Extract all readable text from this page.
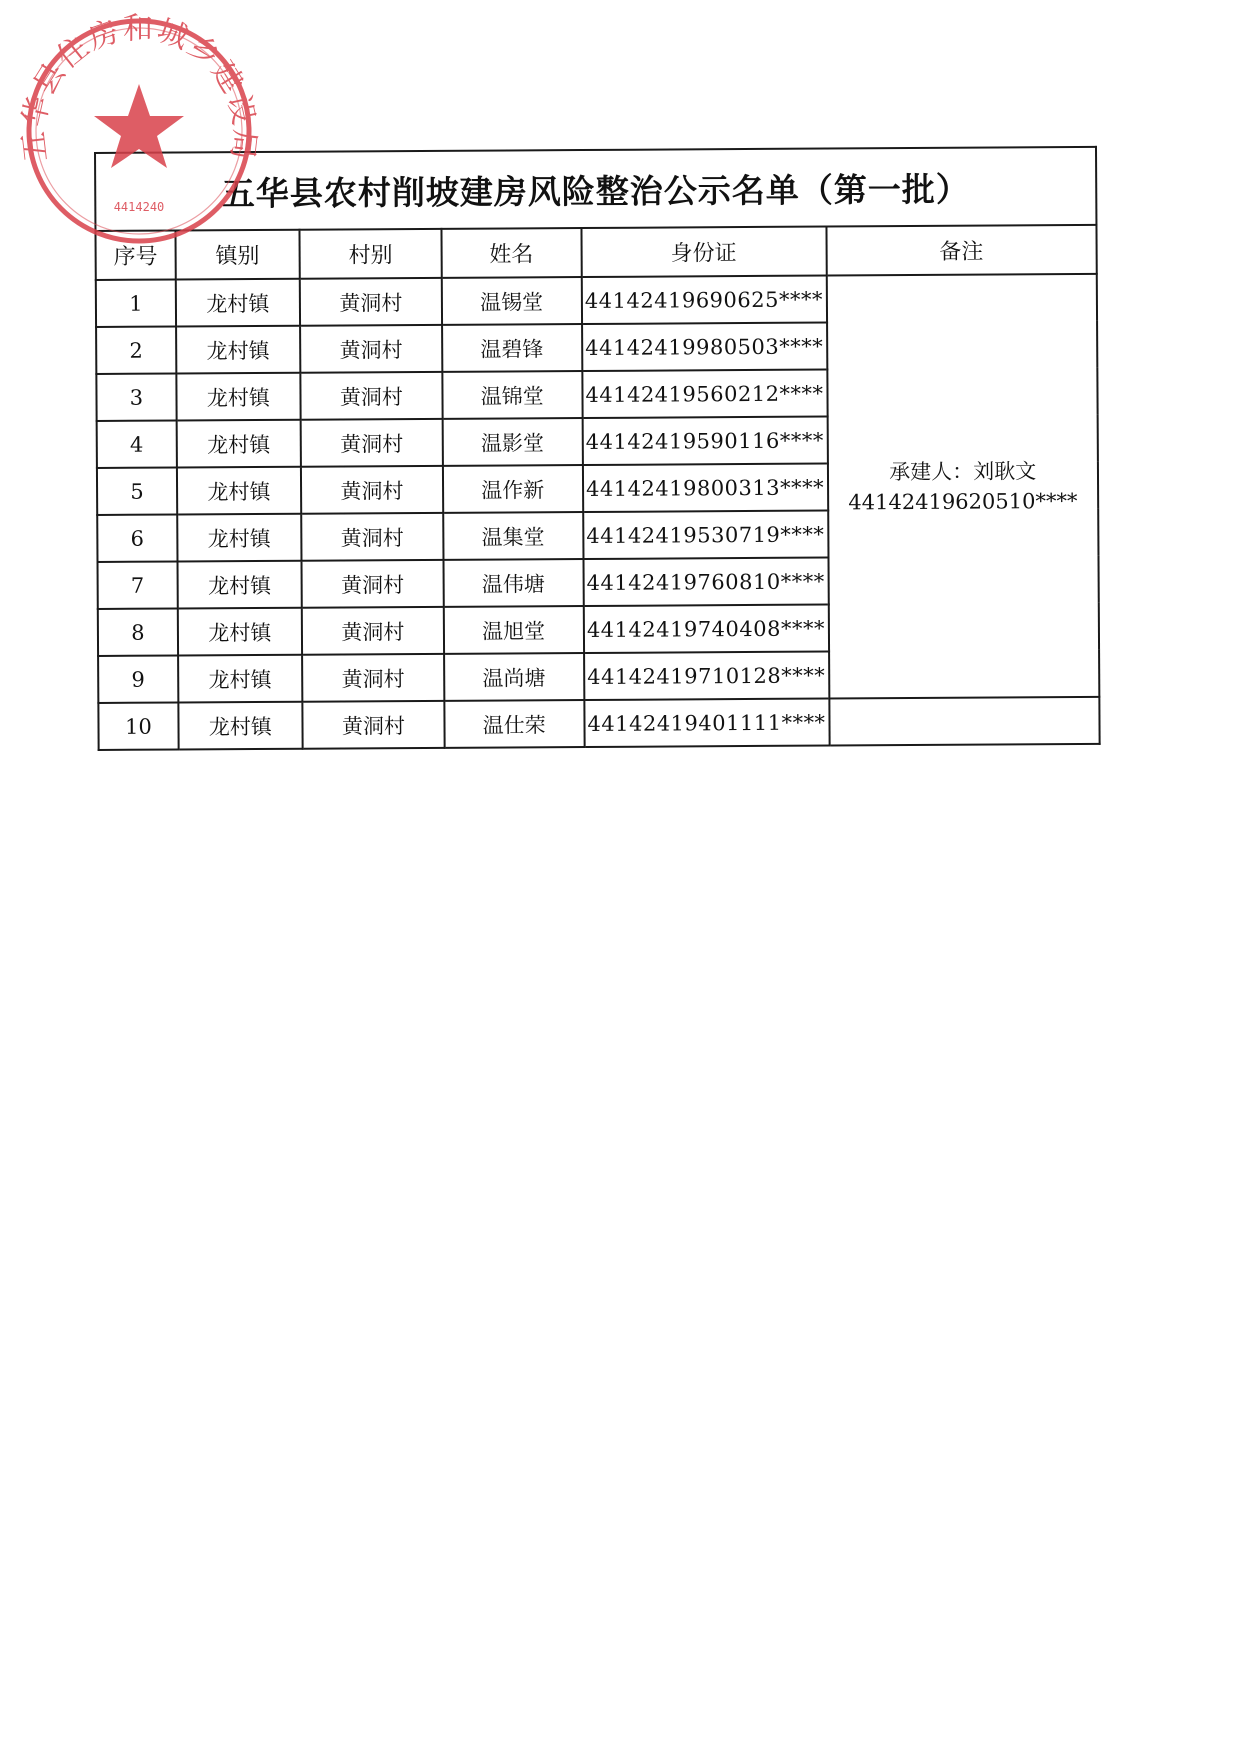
五华县农村削坡建房风险整治公示名单（第一批）					
序号	镇别	村别	姓名	身份证	备注
1	龙村镇	黄洞村	温锡堂	44142419690625****	承建人：刘耿文
44142419620510****

2	龙村镇	黄洞村	温碧锋	44142419980503****	
3	龙村镇	黄洞村	温锦堂	44142419560212****	
4	龙村镇	黄洞村	温影堂	44142419590116****	
5	龙村镇	黄洞村	温作新	44142419800313****	
6	龙村镇	黄洞村	温集堂	44142419530719****	
7	龙村镇	黄洞村	温伟塘	44142419760810****	
8	龙村镇	黄洞村	温旭堂	44142419740408****	
9	龙村镇	黄洞村	温尚塘	44142419710128****	
10	龙村镇	黄洞村	温仕荣	44142419401111****	
五华县住房和城乡建设局
4414240
